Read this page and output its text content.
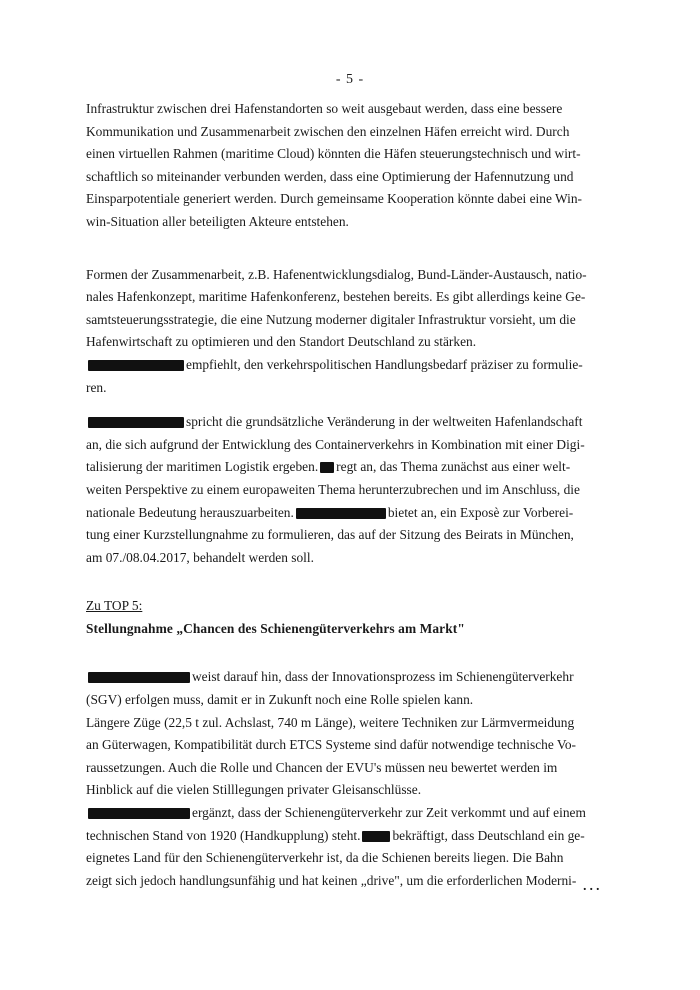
- 5 -

Infrastruktur zwischen drei Hafenstandorten so weit ausgebaut werden, dass eine bessere

Kommunikation und Zusammenarbeit zwischen den einzelnen Häfen erreicht wird. Durch

einen virtuellen Rahmen (maritime Cloud) könnten die Häfen steuerungstechnisch und wirt-

schaftlich so miteinander verbunden werden, dass eine Optimierung der Hafennutzung und

Einsparpotentiale generiert werden. Durch gemeinsame Kooperation könnte dabei eine Win-

win-Situation aller beteiligten Akteure entstehen.

Formen der Zusammenarbeit, z.B. Hafenentwicklungsdialog, Bund-Länder-Austausch, natio-

nales Hafenkonzept, maritime Hafenkonferenz, bestehen bereits. Es gibt allerdings keine Ge-

samtsteuerungsstrategie, die eine Nutzung moderner digitaler Infrastruktur vorsieht, um die

Hafenwirtschaft zu optimieren und den Standort Deutschland zu stärken.

empfiehlt, den verkehrspolitischen Handlungsbedarf präziser zu formulie-

ren.

spricht die grundsätzliche Veränderung in der weltweiten Hafenlandschaft

an, die sich aufgrund der Entwicklung des Containerverkehrs in Kombination mit einer Digi-

talisierung der maritimen Logistik ergeben. regt an, das Thema zunächst aus einer welt-

weiten Perspektive zu einem europaweiten Thema herunterzubrechen und im Anschluss, die

nationale Bedeutung herauszuarbeiten.	bietet an, ein Exposè zur Vorberei-

tung einer Kurzstellungnahme zu formulieren, das auf der Sitzung des Beirats in München,

am 07./08.04.2017, behandelt werden soll.

Zu TOP 5:

Stellungnahme „Chancen des Schienengüterverkehrs am Markt"

weist darauf hin, dass der Innovationsprozess im Schienengüterverkehr

(SGV) erfolgen muss, damit er in Zukunft noch eine Rolle spielen kann.

Längere Züge (22,5 t zul. Achslast, 740 m Länge), weitere Techniken zur Lärmvermeidung

an Güterwagen, Kompatibilität durch ETCS Systeme sind dafür notwendige technische Vo-

raussetzungen. Auch die Rolle und Chancen der EVU's müssen neu bewertet werden im

Hinblick auf die vielen Stilllegungen privater Gleisanschlüsse.

ergänzt, dass der Schienengüterverkehr zur Zeit verkommt und auf einem

technischen Stand von 1920 (Handkupplung) steht. bekräftigt, dass Deutschland ein ge-

eignetes Land für den Schienengüterverkehr ist, da die Schienen bereits liegen. Die Bahn

zeigt sich jedoch handlungsunfähig und hat keinen „drive", um die erforderlichen Moderni- ...
